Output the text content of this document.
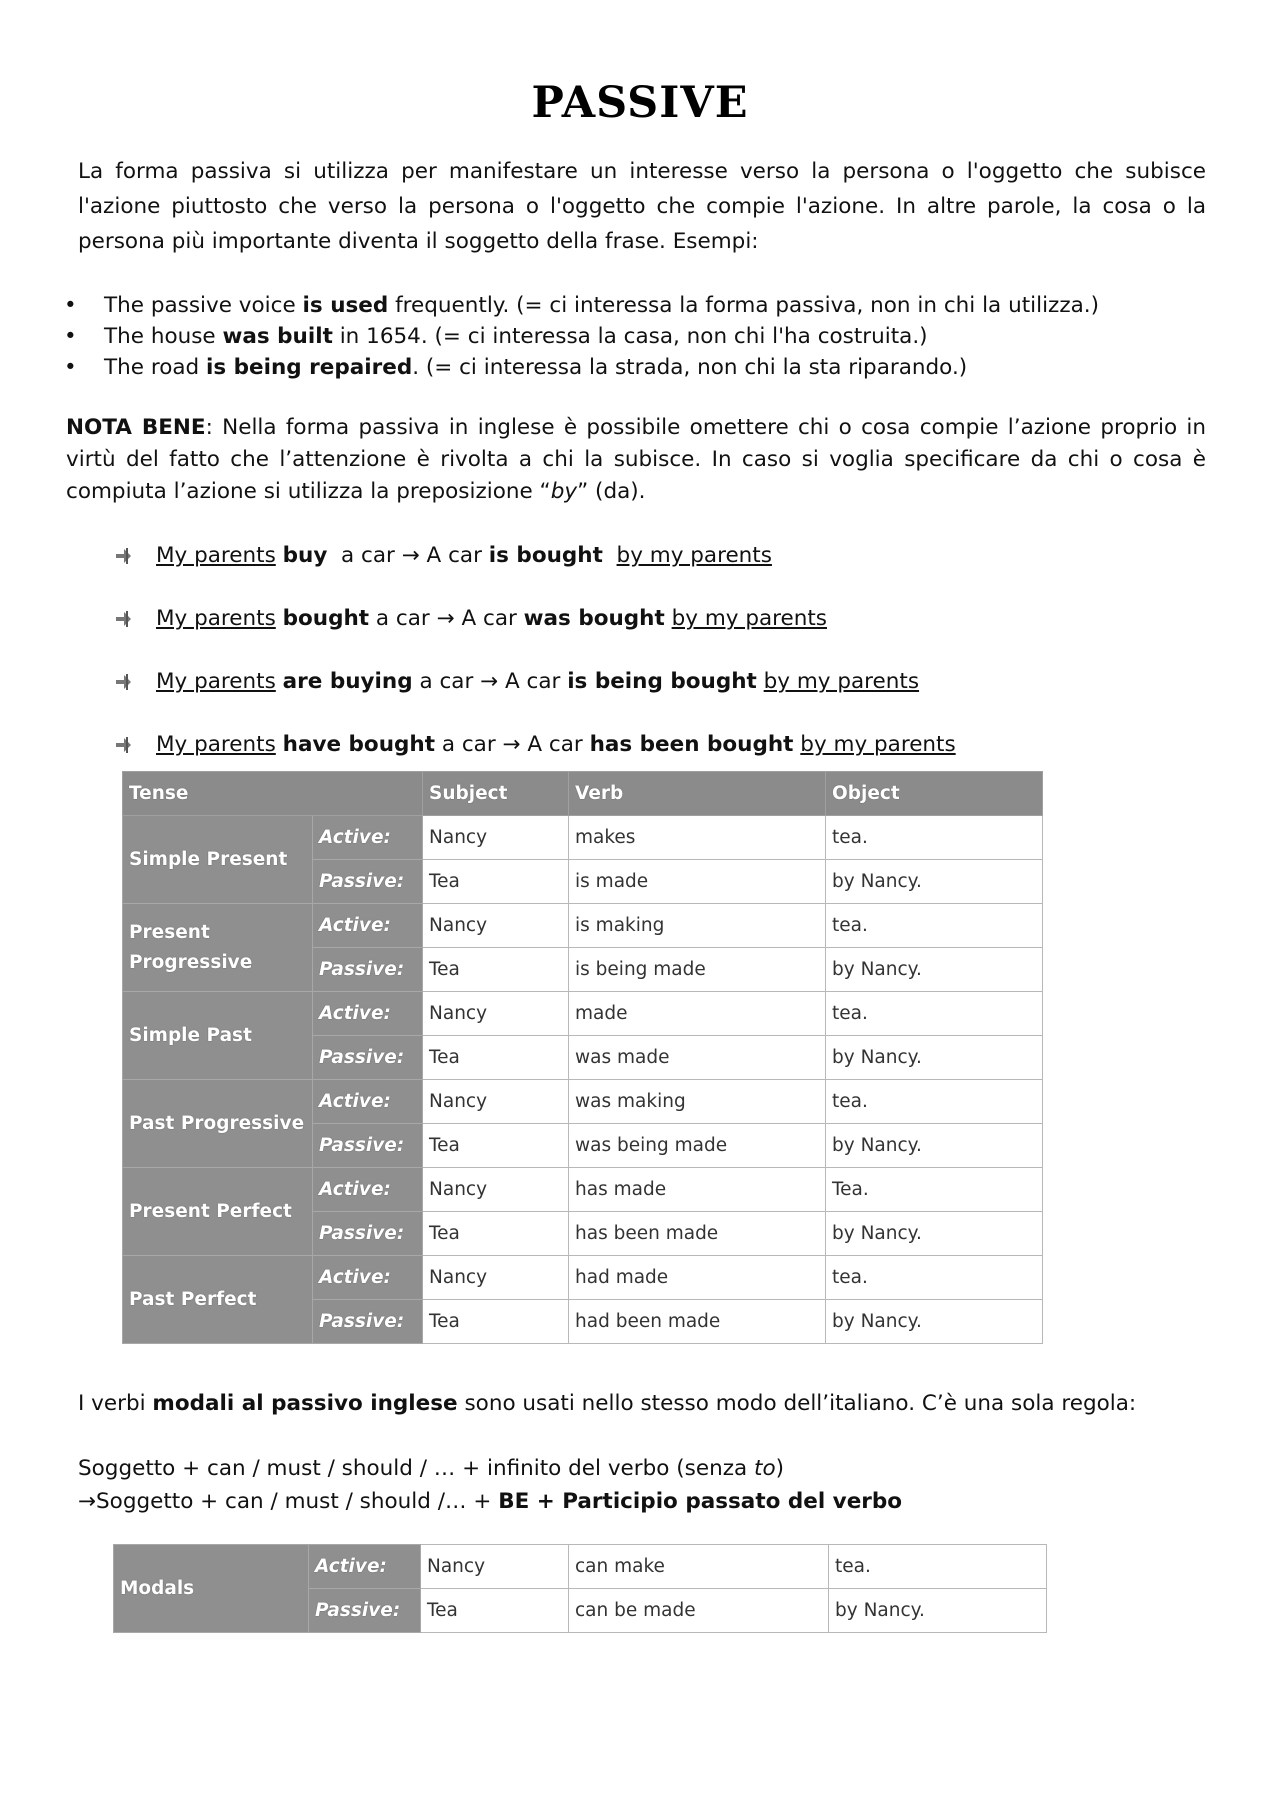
PASSIVE

La forma passiva si utilizza per manifestare un interesse verso la persona o l'oggetto che subisce l'azione piuttosto che verso la persona o l'oggetto che compie l'azione. In altre parole, la cosa o la persona più importante diventa il soggetto della frase. Esempi:

• The passive voice is used frequently. (= ci interessa la forma passiva, non in chi la utilizza.)
• The house was built in 1654. (= ci interessa la casa, non chi l'ha costruita.)
• The road is being repaired. (= ci interessa la strada, non chi la sta riparando.)

NOTA BENE: Nella forma passiva in inglese è possibile omettere chi o cosa compie l’azione proprio in virtù del fatto che l’attenzione è rivolta a chi la subisce. In caso si voglia specificare da chi o cosa è compiuta l’azione si utilizza la preposizione “by” (da).

My parents buy  a car → A car is bought by my parents
My parents bought a car → A car was bought by my parents
My parents are buying a car → A car is being bought by my parents
My parents have bought a car → A car has been bought by my parents
Tense		Subject	Verb	Object
Simple Present	Active:	Nancy	makes	tea.
	Passive:	Tea	is made	by Nancy.
Present Progressive	Active:	Nancy	is making	tea.
	Passive:	Tea	is being made	by Nancy.
Simple Past	Active:	Nancy	made	tea.
	Passive:	Tea	was made	by Nancy.
Past Progressive	Active:	Nancy	was making	tea.
	Passive:	Tea	was being made	by Nancy.
Present Perfect	Active:	Nancy	has made	Tea.
	Passive:	Tea	has been made	by Nancy.
Past Perfect	Active:	Nancy	had made	tea.
	Passive:	Tea	had been made	by Nancy.

I verbi modali al passivo inglese sono usati nello stesso modo dell’italiano. C’è una sola regola:

Soggetto + can / must / should / … + infinito del verbo (senza to)
→Soggetto + can / must / should /… + BE + Participio passato del verbo

Modals	Active:	Nancy	can make	tea.
	Passive:	Tea	can be made	by Nancy.
